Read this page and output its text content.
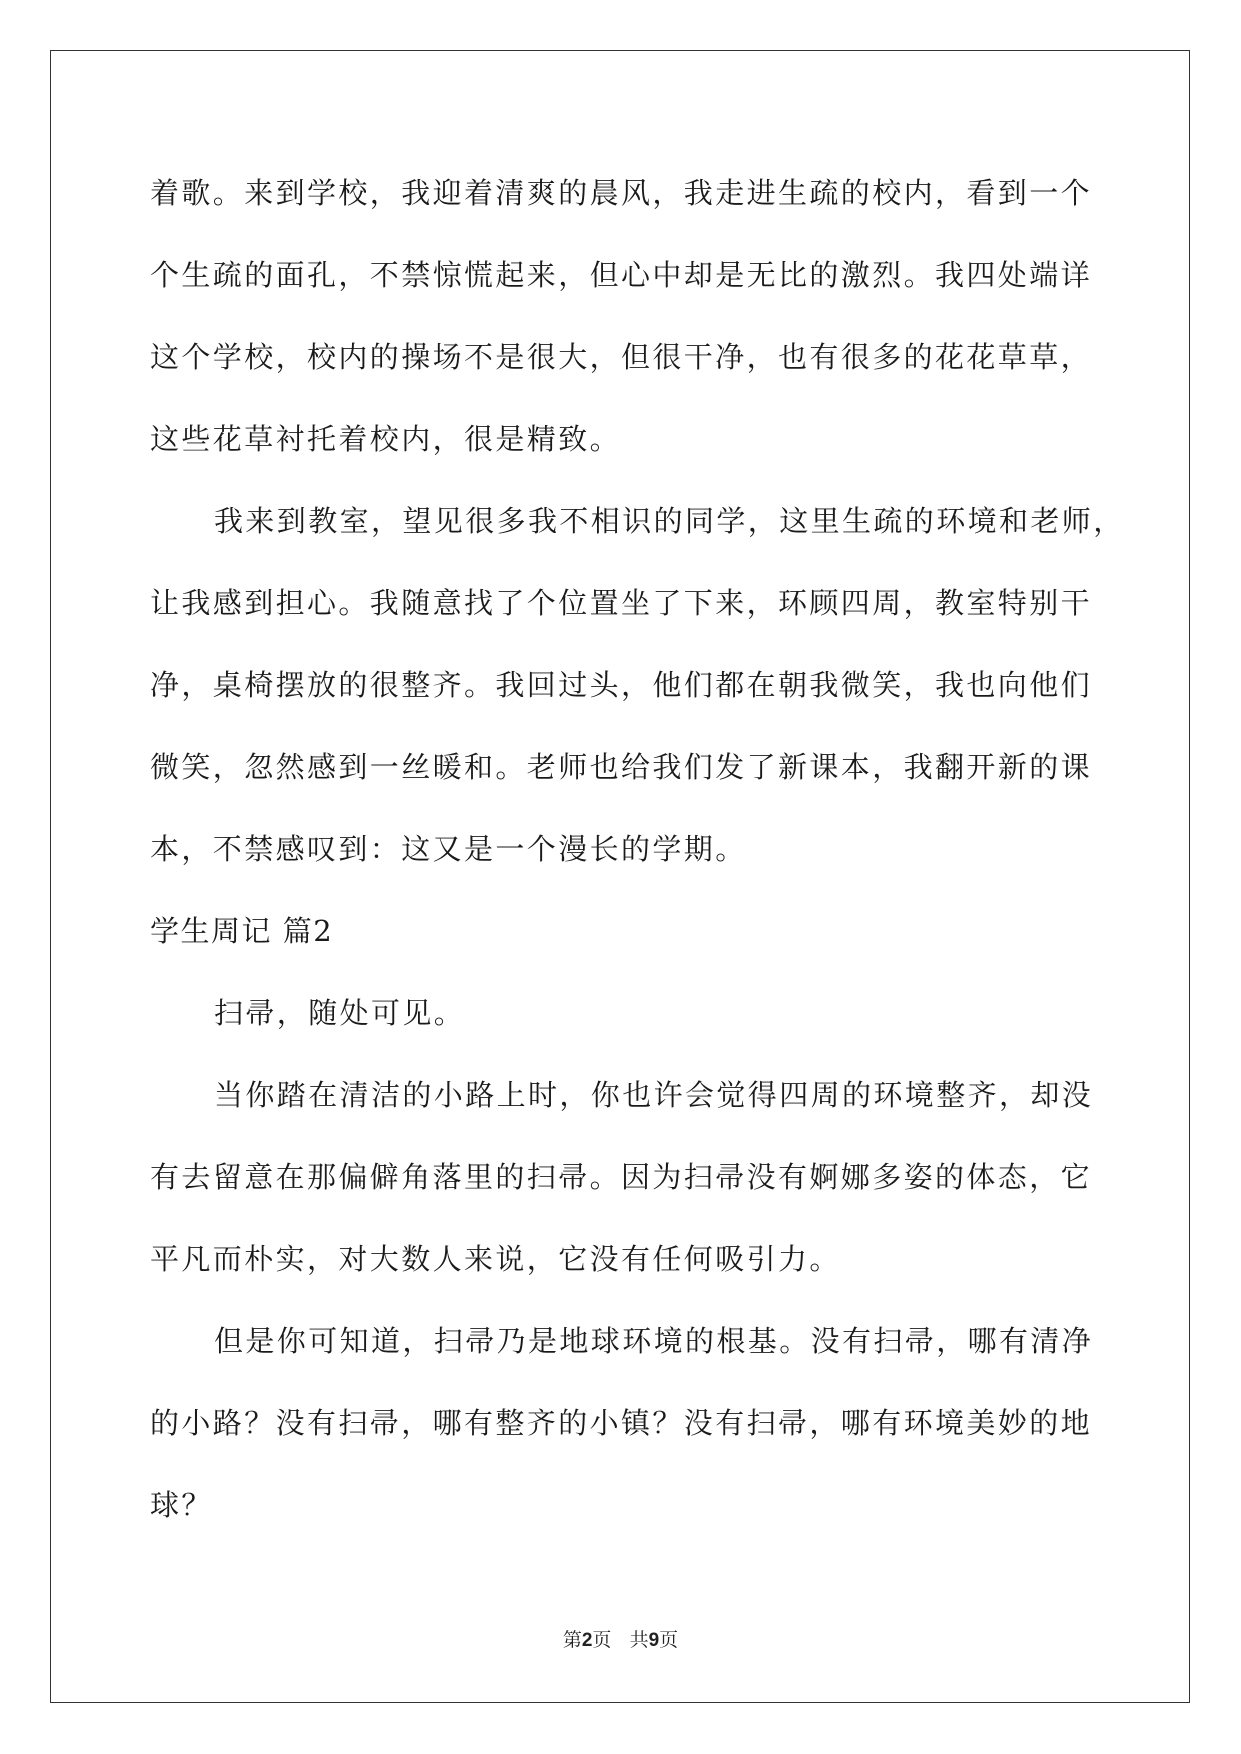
着歌。来到学校，我迎着清爽的晨风，我走进生疏的校内，看到一个
个生疏的面孔，不禁惊慌起来，但心中却是无比的激烈。我四处端详
这个学校，校内的操场不是很大，但很干净，也有很多的花花草草，
这些花草衬托着校内，很是精致。
我来到教室，望见很多我不相识的同学，这里生疏的环境和老师，
让我感到担心。我随意找了个位置坐了下来，环顾四周，教室特别干
净，桌椅摆放的很整齐。我回过头，他们都在朝我微笑，我也向他们
微笑，忽然感到一丝暖和。老师也给我们发了新课本，我翻开新的课
本，不禁感叹到：这又是一个漫长的学期。
学生周记 篇2
扫帚，随处可见。
当你踏在清洁的小路上时，你也许会觉得四周的环境整齐，却没
有去留意在那偏僻角落里的扫帚。因为扫帚没有婀娜多姿的体态，它
平凡而朴实，对大数人来说，它没有任何吸引力。
但是你可知道，扫帚乃是地球环境的根基。没有扫帚，哪有清净
的小路？没有扫帚，哪有整齐的小镇？没有扫帚，哪有环境美妙的地
球？
第2页 共9页
